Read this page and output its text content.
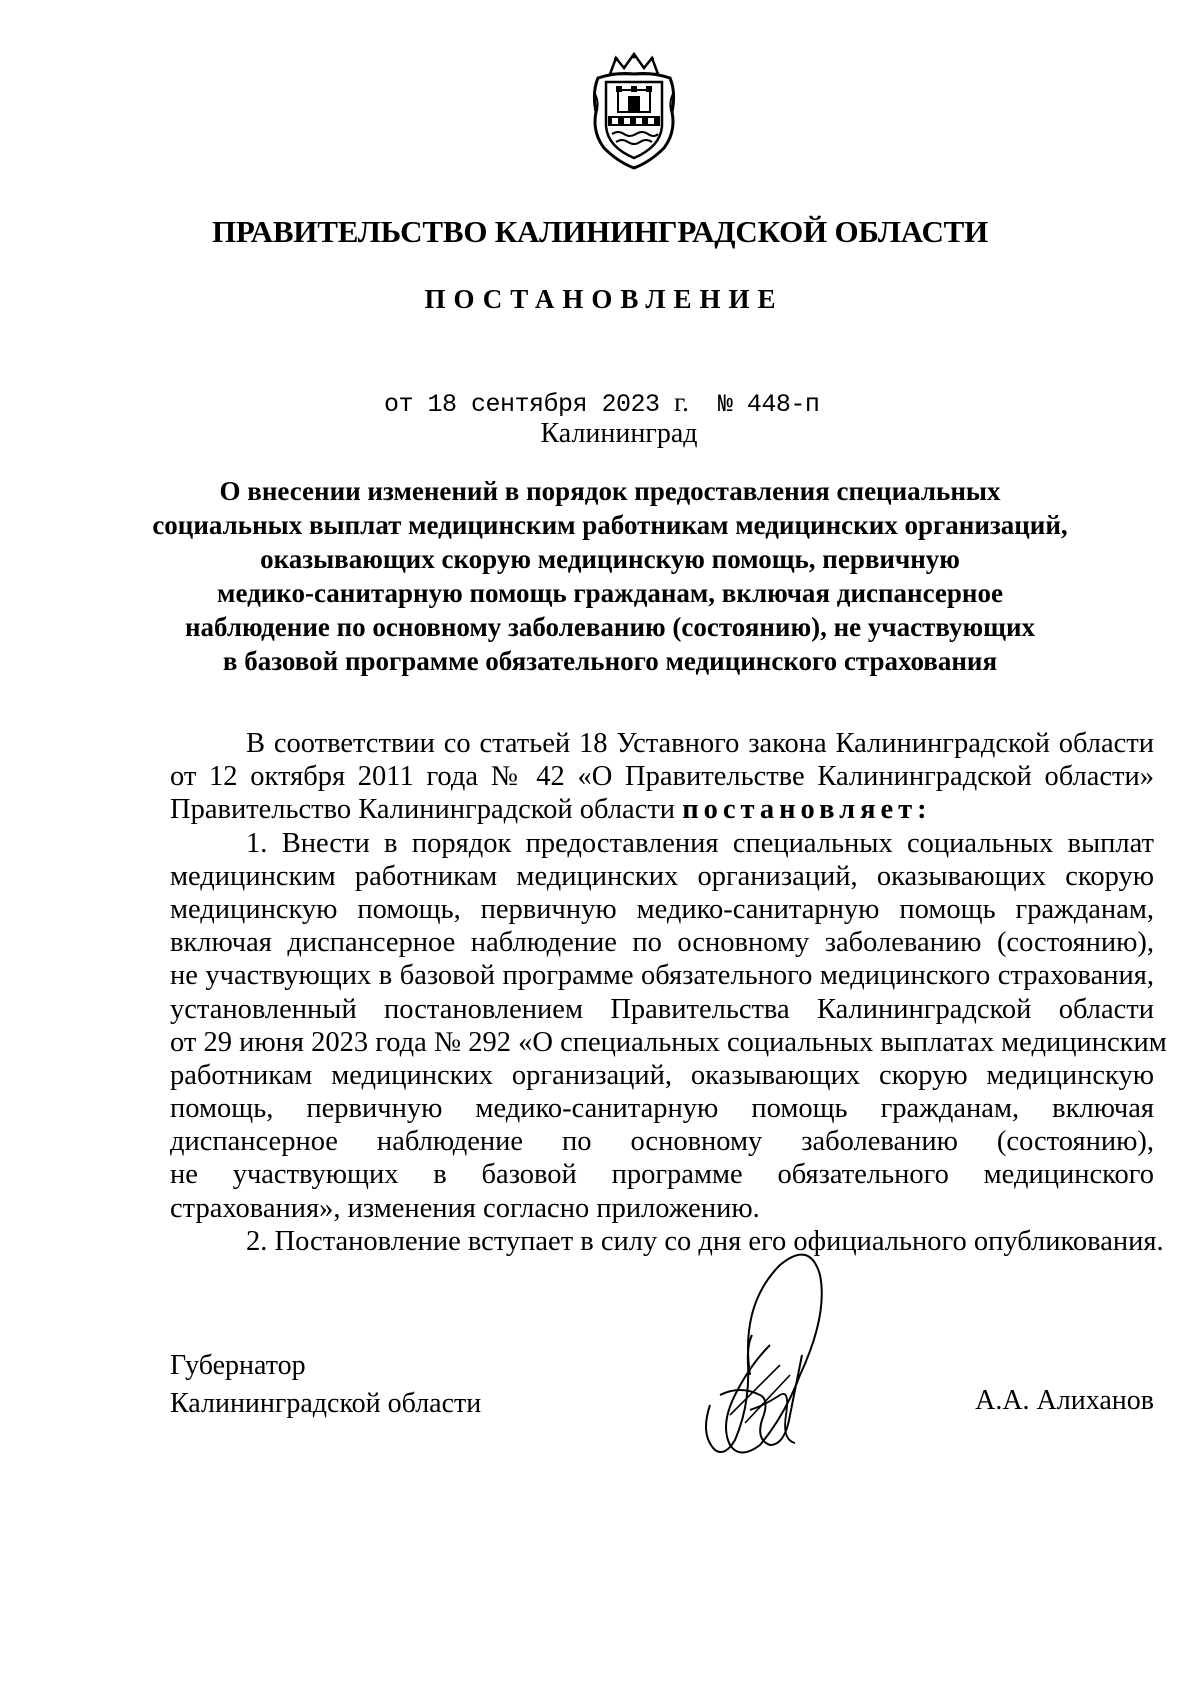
ПРАВИТЕЛЬСТВО КАЛИНИНГРАДСКОЙ ОБЛАСТИ
ПОСТАНОВЛЕНИЕ
от 18 сентября 2023 г. № 448-п
Калининград
О внесении изменений в порядок предоставления специальных
социальных выплат медицинским работникам медицинских организаций,
оказывающих скорую медицинскую помощь, первичную
медико-санитарную помощь гражданам, включая диспансерное
наблюдение по основному заболеванию (состоянию), не участвующих
в базовой программе обязательного медицинского страхования
В соответствии со статьей 18 Уставного закона Калининградской области
от 12 октября 2011 года № 42 «О Правительстве Калининградской области»
Правительство Калининградской области постановляет:
1. Внести в порядок предоставления специальных социальных выплат
медицинским работникам медицинских организаций, оказывающих скорую
медицинскую помощь, первичную медико-санитарную помощь гражданам,
включая диспансерное наблюдение по основному заболеванию (состоянию),
не участвующих в базовой программе обязательного медицинского страхования,
установленный постановлением Правительства Калининградской области
от 29 июня 2023 года № 292 «О специальных социальных выплатах медицинским
работникам медицинских организаций, оказывающих скорую медицинскую
помощь, первичную медико-санитарную помощь гражданам, включая
диспансерное наблюдение по основному заболеванию (состоянию),
не участвующих в базовой программе обязательного медицинского
страхования», изменения согласно приложению.
2. Постановление вступает в силу со дня его официального опубликования.
Губернатор
Калининградской области	А.А. Алиханов
